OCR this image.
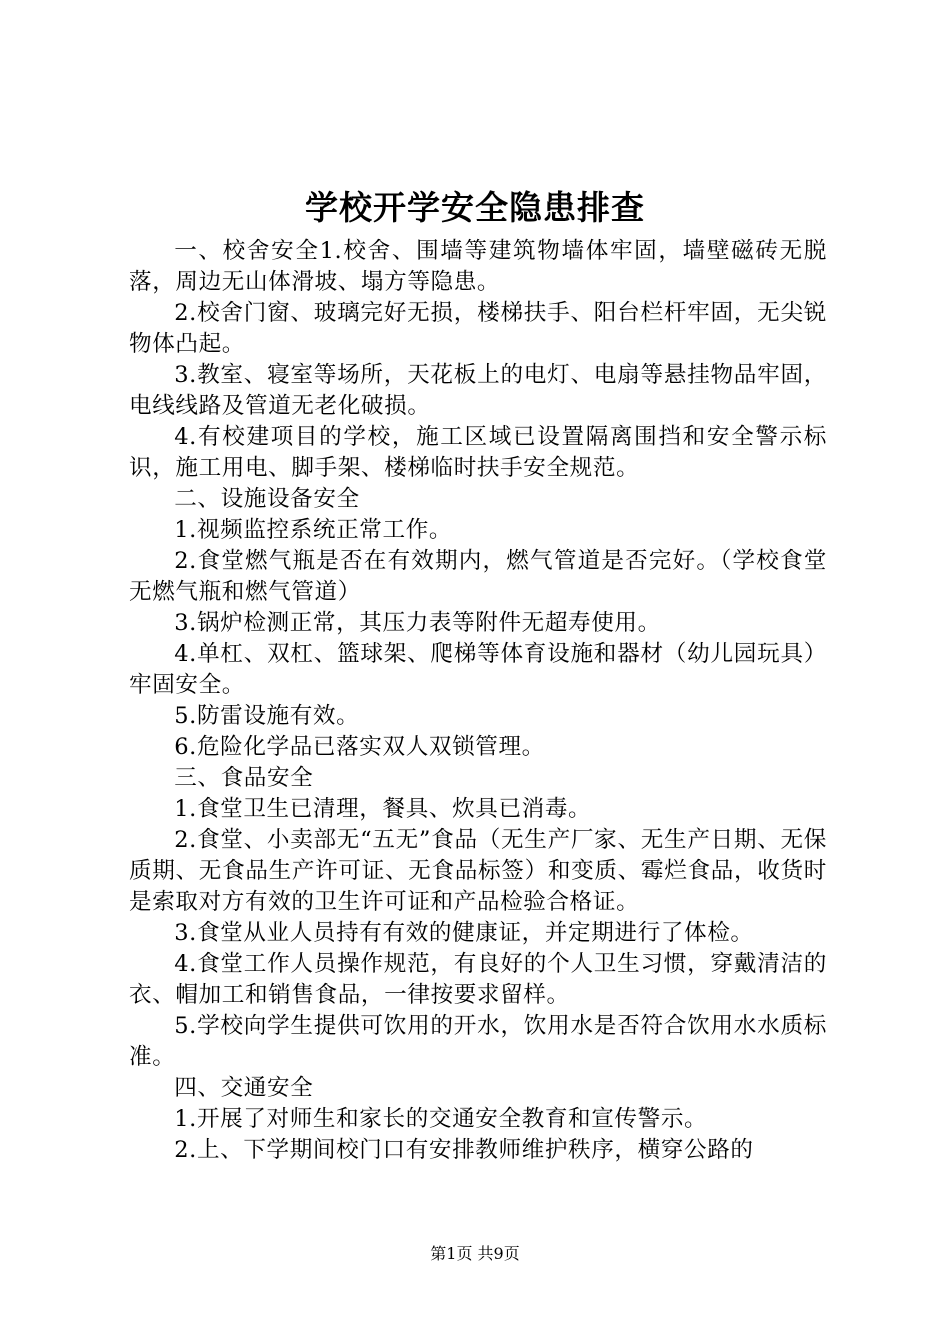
学校开学安全隐患排查

一、校舍安全1.校舍、围墙等建筑物墙体牢固，墙壁磁砖无脱落，周边无山体滑坡、塌方等隐患。

2.校舍门窗、玻璃完好无损，楼梯扶手、阳台栏杆牢固，无尖锐物体凸起。

3.教室、寝室等场所，天花板上的电灯、电扇等悬挂物品牢固，电线线路及管道无老化破损。

4.有校建项目的学校，施工区域已设置隔离围挡和安全警示标识，施工用电、脚手架、楼梯临时扶手安全规范。

二、设施设备安全

1.视频监控系统正常工作。

2.食堂燃气瓶是否在有效期内，燃气管道是否完好。（学校食堂无燃气瓶和燃气管道）

3.锅炉检测正常，其压力表等附件无超寿使用。

4.单杠、双杠、篮球架、爬梯等体育设施和器材（幼儿园玩具）牢固安全。

5.防雷设施有效。

6.危险化学品已落实双人双锁管理。

三、食品安全

1.食堂卫生已清理，餐具、炊具已消毒。

2.食堂、小卖部无“五无”食品（无生产厂家、无生产日期、无保质期、无食品生产许可证、无食品标签）和变质、霉烂食品，收货时是索取对方有效的卫生许可证和产品检验合格证。

3.食堂从业人员持有有效的健康证，并定期进行了体检。

4.食堂工作人员操作规范，有良好的个人卫生习惯，穿戴清洁的衣、帽加工和销售食品，一律按要求留样。

5.学校向学生提供可饮用的开水，饮用水是否符合饮用水水质标准。

四、交通安全

1.开展了对师生和家长的交通安全教育和宣传警示。

2.上、下学期间校门口有安排教师维护秩序，横穿公路的

第1页 共9页
